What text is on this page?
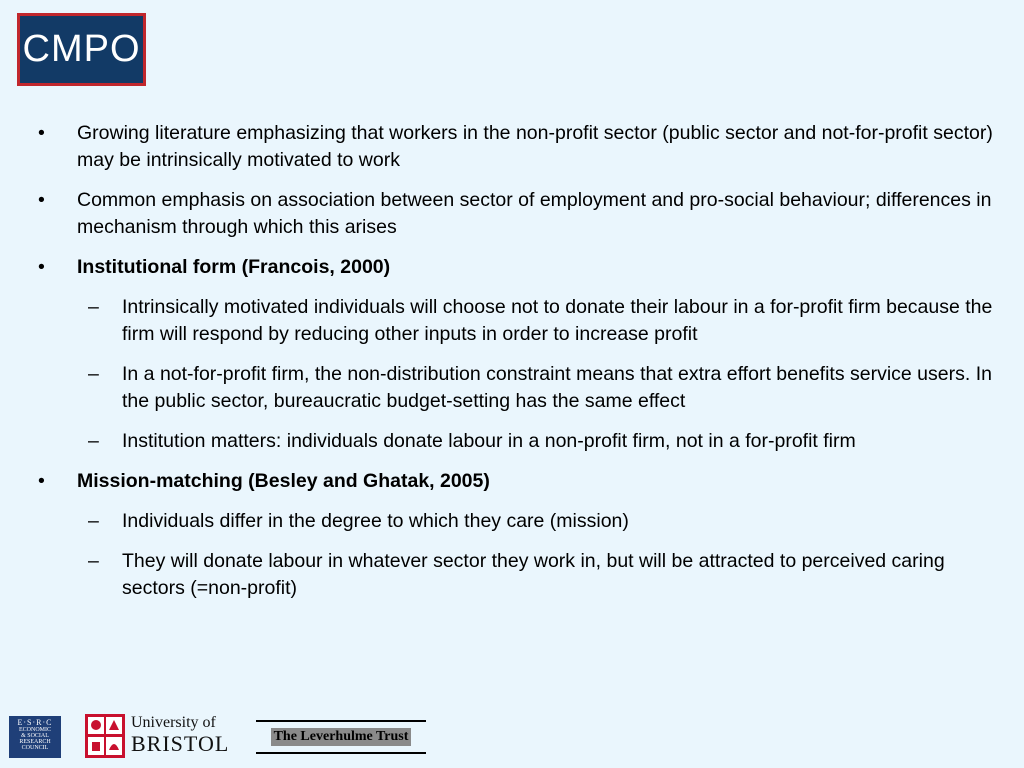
CMPO
• Growing literature emphasizing that workers in the non-profit sector (public sector and not-for-profit sector) may be intrinsically motivated to work
• Common emphasis on association between sector of employment and pro-social behaviour; differences in mechanism through which this arises
• Institutional form (Francois, 2000)
– Intrinsically motivated individuals will choose not to donate their labour in a for-profit firm because the firm will respond by reducing other inputs in order to increase profit
– In a not-for-profit firm, the non-distribution constraint means that extra effort benefits service users. In the public sector, bureaucratic budget-setting has the same effect
– Institution matters: individuals donate labour in a non-profit firm, not in a for-profit firm
• Mission-matching (Besley and Ghatak, 2005)
– Individuals differ in the degree to which they care (mission)
– They will donate labour in whatever sector they work in, but will be attracted to perceived caring sectors (=non-profit)
E·S·R·C
ECONOMIC
& SOCIAL
RESEARCH
COUNCIL
University of
BRISTOL	The Leverhulme Trust
